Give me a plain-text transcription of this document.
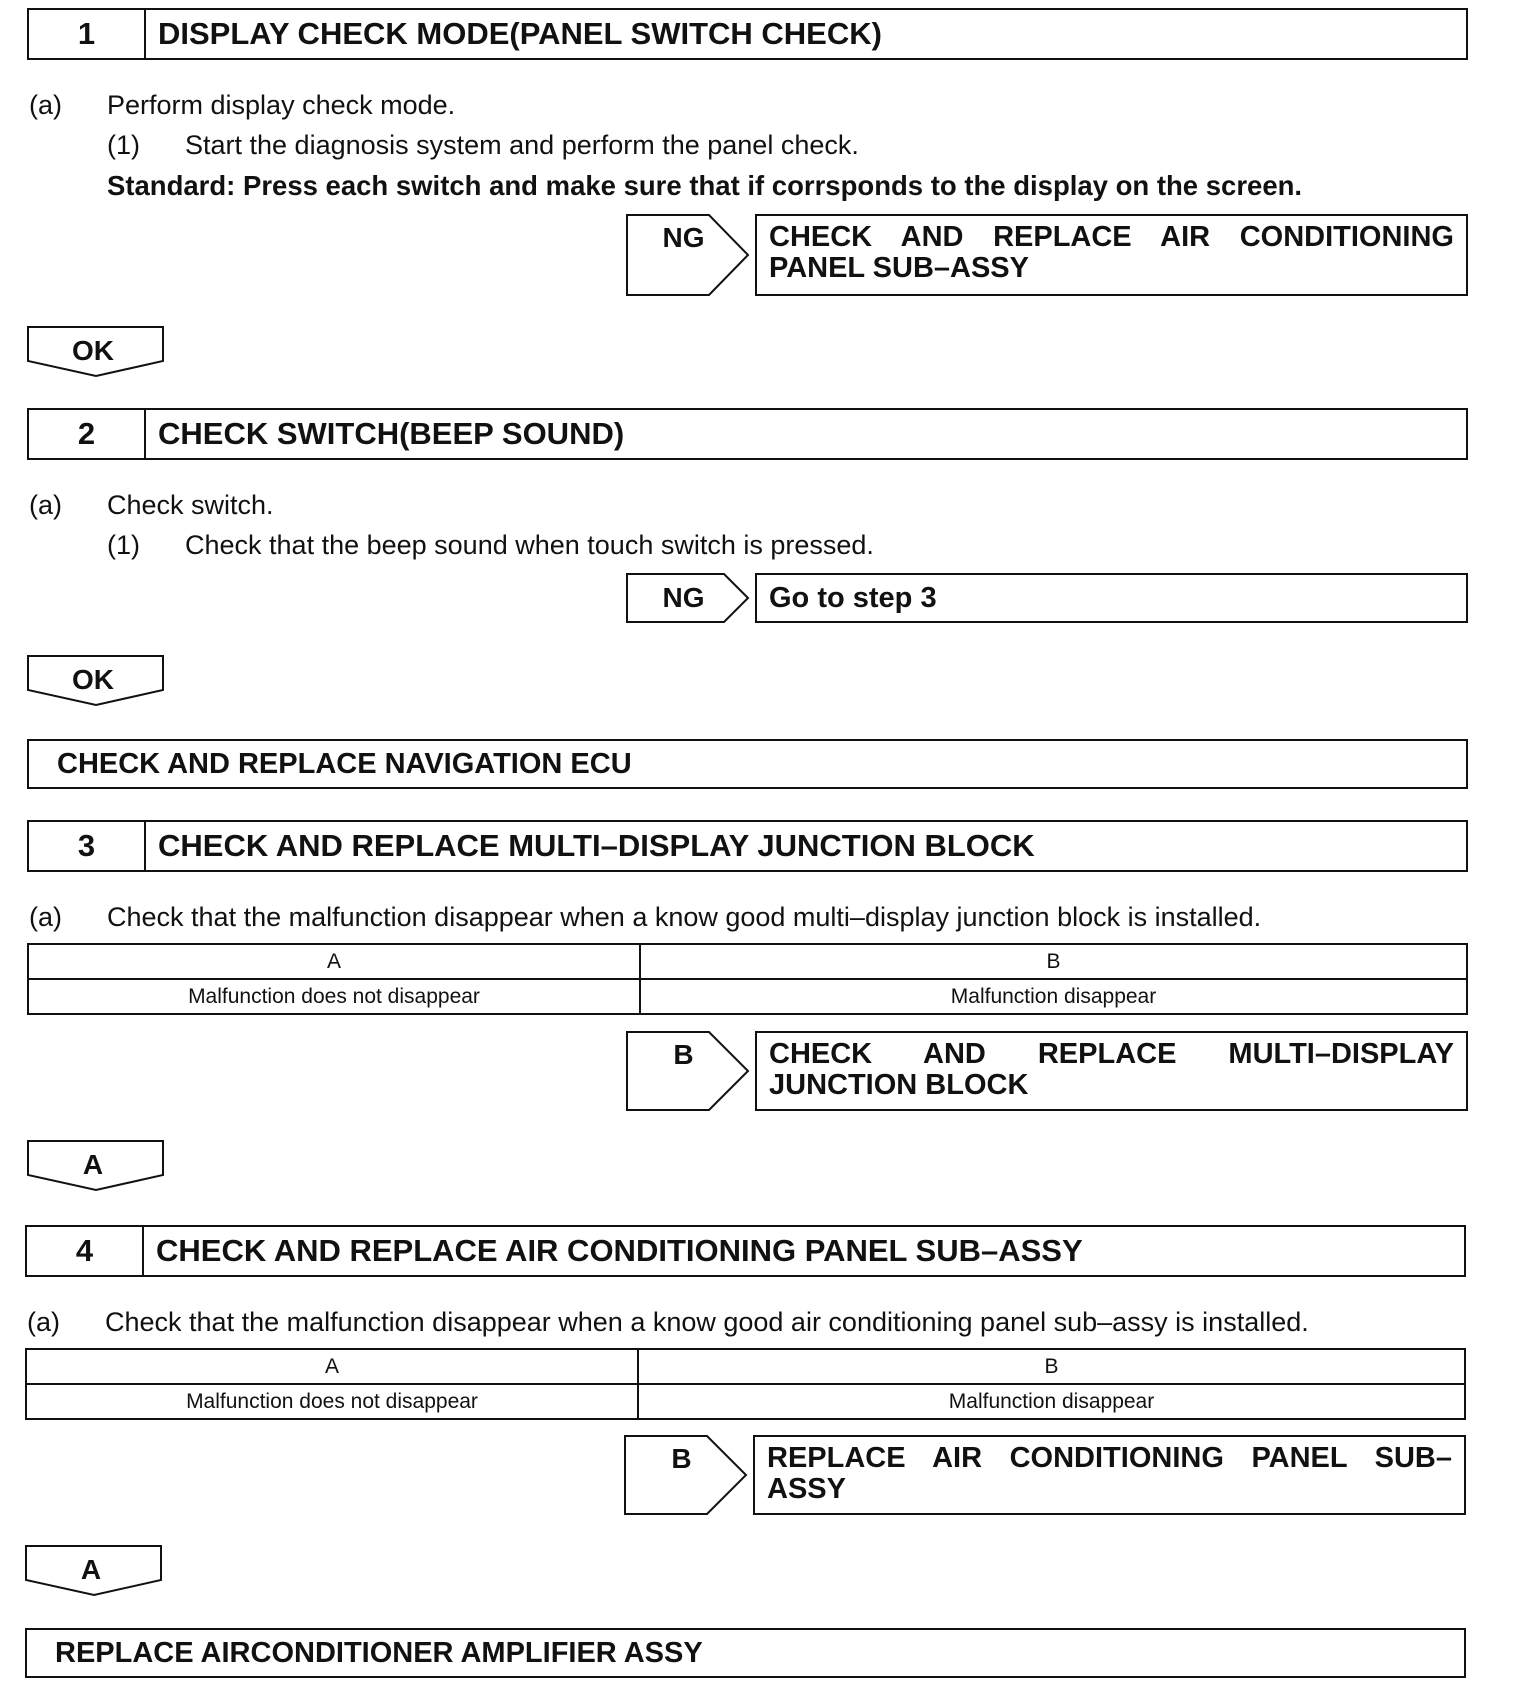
1	DISPLAY CHECK MODE(PANEL SWITCH CHECK)
(a) Perform display check mode.
(1) Start the diagnosis system and perform the panel check.
Standard: Press each switch and make sure that if corrsponds to the display on the screen.
NG	CHECK AND REPLACE AIR CONDITIONING PANEL SUB–ASSY
OK
2	CHECK SWITCH(BEEP SOUND)
(a) Check switch.
(1) Check that the beep sound when touch switch is pressed.
NG	Go to step 3
OK
CHECK AND REPLACE NAVIGATION ECU
3	CHECK AND REPLACE MULTI–DISPLAY JUNCTION BLOCK
(a) Check that the malfunction disappear when a know good multi–display junction block is installed.
A	B
Malfunction does not disappear	Malfunction disappear
B	CHECK AND REPLACE MULTI–DISPLAY JUNCTION BLOCK
A
4	CHECK AND REPLACE AIR CONDITIONING PANEL SUB–ASSY
(a) Check that the malfunction disappear when a know good air conditioning panel sub–assy is installed.
A	B
Malfunction does not disappear	Malfunction disappear
B	REPLACE AIR CONDITIONING PANEL SUB–ASSY
A
REPLACE AIRCONDITIONER AMPLIFIER ASSY
